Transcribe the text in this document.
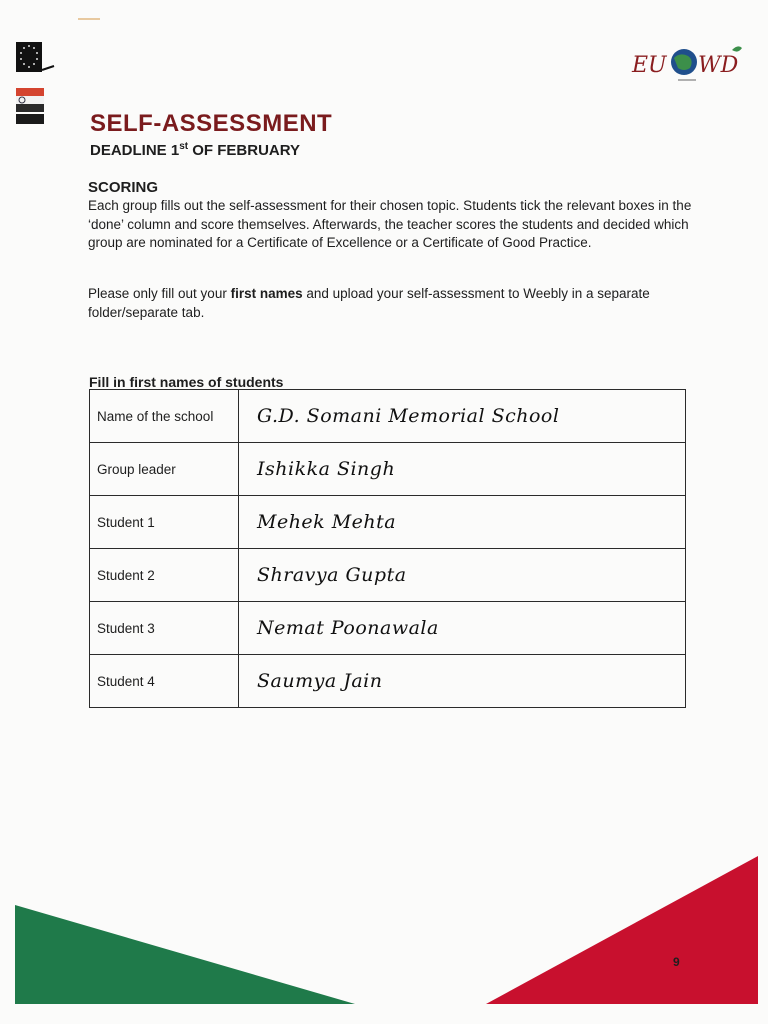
EU WD
SELF-ASSESSMENT
DEADLINE 1st OF FEBRUARY
SCORING

Each group fills out the self-assessment for their chosen topic. Students tick the relevant boxes in the ‘done’ column and score themselves. Afterwards, the teacher scores the students and decided which group are nominated for a Certificate of Excellence or a Certificate of Good Practice.

Please only fill out your first names and upload your self-assessment to Weebly in a separate folder/separate tab.

Fill in first names of students
Name of the school	G.D. Somani Memorial School
Group leader	Ishikka Singh
Student 1	Mehek Mehta
Student 2	Shravya Gupta
Student 3	Nemat Poonawala
Student 4	Saumya Jain
9
